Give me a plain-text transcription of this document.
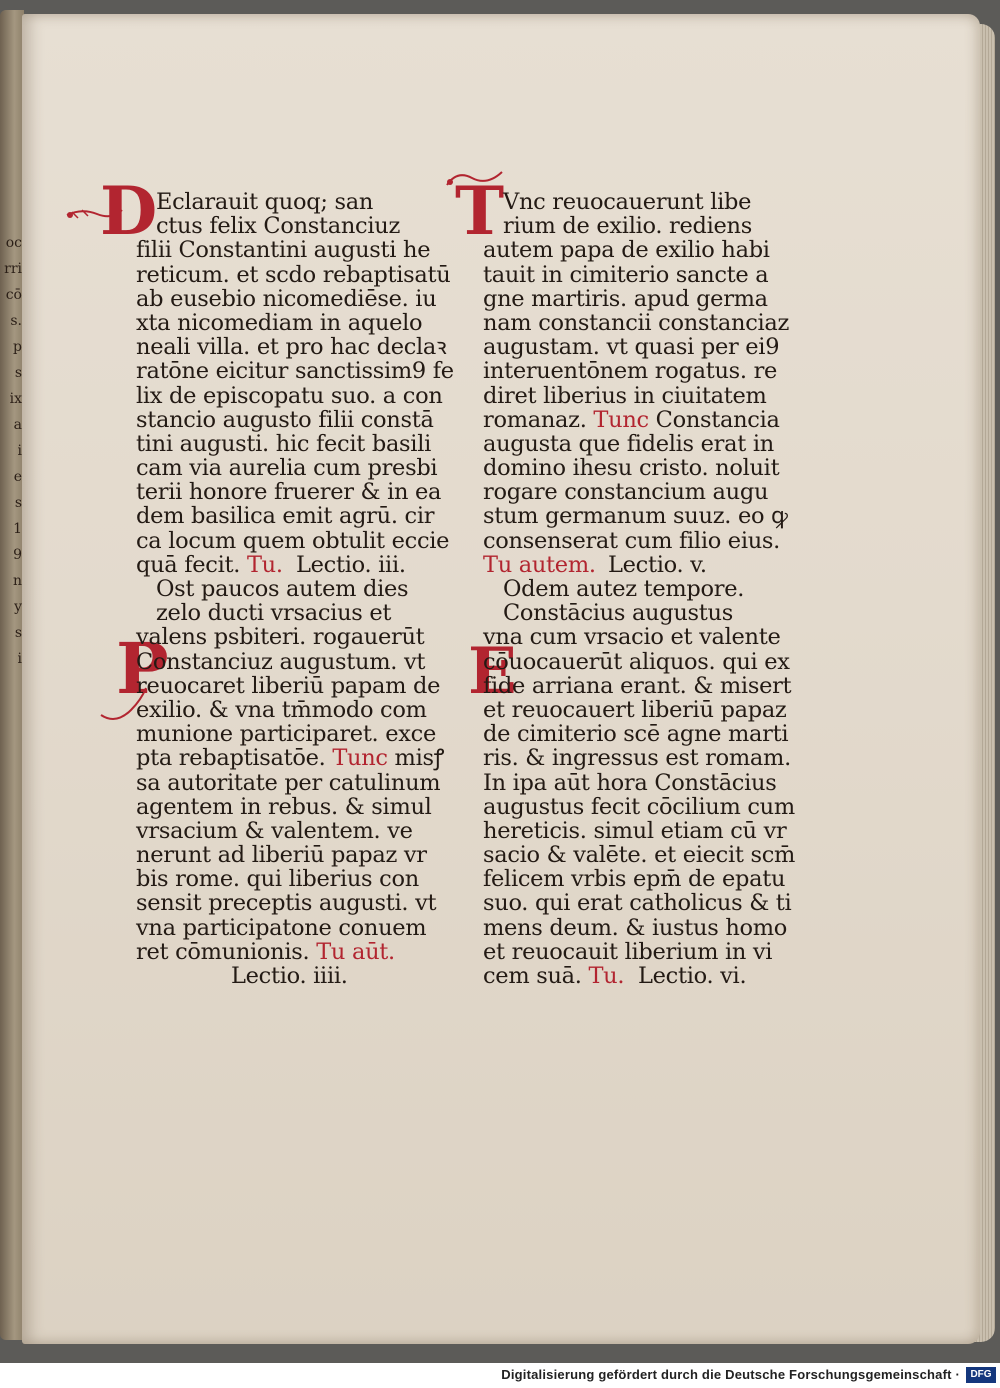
oc
rri
cō
s.
p
s
ix
a
i
e
s
1
9
n
y
s
i
D	T
P	E
Eclarauit quoq; san
ctus felix Constanciuz
filii Constantini augusti he
reticum. et scdo rebaptisatū
ab eusebio nicomediēse. iu
xta nicomediam in aquelo
neali villa. et pro hac declaꝛ
ratōne eicitur sanctissim9 fe
lix de episcopatu suo. a con
stancio augusto filii constā
tini augusti. hic fecit basili
cam via aurelia cum presbi
terii honore fruerer & in ea
dem basilica emit agrū. cir
ca locum quem obtulit eccie
quā fecit. Tu. Lectio. iii.
Ost paucos autem dies
zelo ducti vrsacius et
valens psbiteri. rogauerūt
Constanciuz augustum. vt
reuocaret liberiū papam de
exilio. & vna tm̄modo com
munione participaret. exce
pta rebaptisatōe. Tunc misꝭ
sa autoritate per catulinum
agentem in rebus. & simul
vrsacium & valentem. ve
nerunt ad liberiū papaz vr
bis rome. qui liberius con
sensit preceptis augusti. vt
vna participatone conuem
ret cōmunionis. Tu aūt.
Lectio. iiii.
Vnc reuocauerunt libe
rium de exilio. rediens
autem papa de exilio habi
tauit in cimiterio sancte a
gne martiris. apud germa
nam constancii constanciaz
augustam. vt quasi per ei9
interuentōnem rogatus. re
diret liberius in ciuitatem
romanaz. Tunc Constancia
augusta que fidelis erat in
domino ihesu cristo. noluit
rogare constancium augu
stum germanum suuz. eo ꝙ
consenserat cum filio eius.
Tu autem. Lectio. v.
Odem autez tempore.
Constācius augustus
vna cum vrsacio et valente
cōuocauerūt aliquos. qui ex
fide arriana erant. & misert
et reuocauert liberiū papaz
de cimiterio scē agne marti
ris. & ingressus est romam.
In ipa aūt hora Constācius
augustus fecit cōcilium cum
hereticis. simul etiam cū vr
sacio & valēte. et eiecit scm̄
felicem vrbis epm̄ de epatu
suo. qui erat catholicus & ti
mens deum. & iustus homo
et reuocauit liberium in vi
cem suā. Tu. Lectio. vi.
Digitalisierung gefördert durch die Deutsche Forschungsgemeinschaft ·	DFG
